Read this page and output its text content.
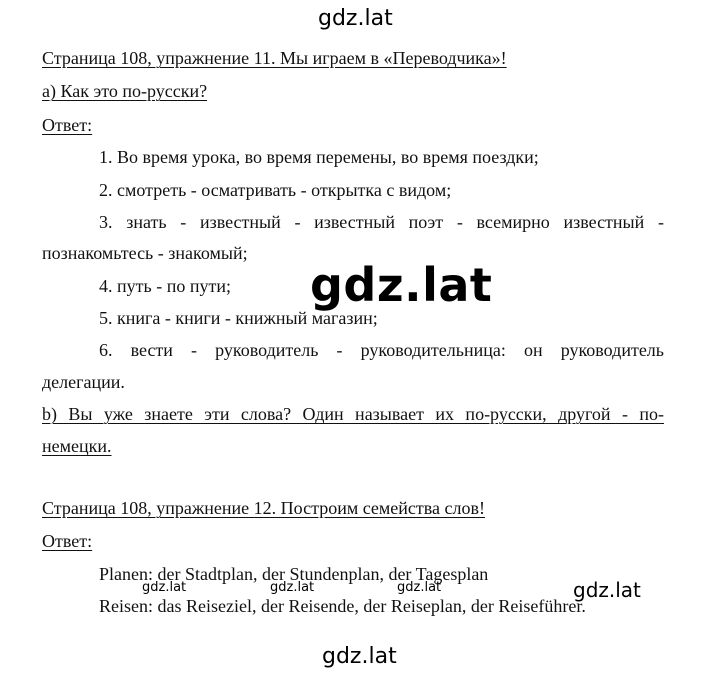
gdz.lat
Страница 108, упражнение 11. Мы играем в «Переводчика»!
а) Как это по-русски?
Ответ:
1. Во время урока, во время перемены, во время поездки;
2. смотреть - осматривать - открытка с видом;
3. знать - известный - известный поэт - всемирно известный -
познакомьтесь - знакомый;
4. путь - по пути;
5. книга - книги - книжный магазин;
6. вести - руководитель - руководительница: он руководитель
делегации.
b) Вы уже знаете эти слова? Один называет их по-русски, другой - по-
немецки.
gdz.lat
Страница 108, упражнение 12. Построим семейства слов!
Ответ:
Planen: der Stadtplan, der Stundenplan, der Tagesplan
Reisen: das Reiseziel, der Reisende, der Reiseplan, der Reiseführer.
gdz.lat	gdz.lat	gdz.lat	gdz.lat
gdz.lat
